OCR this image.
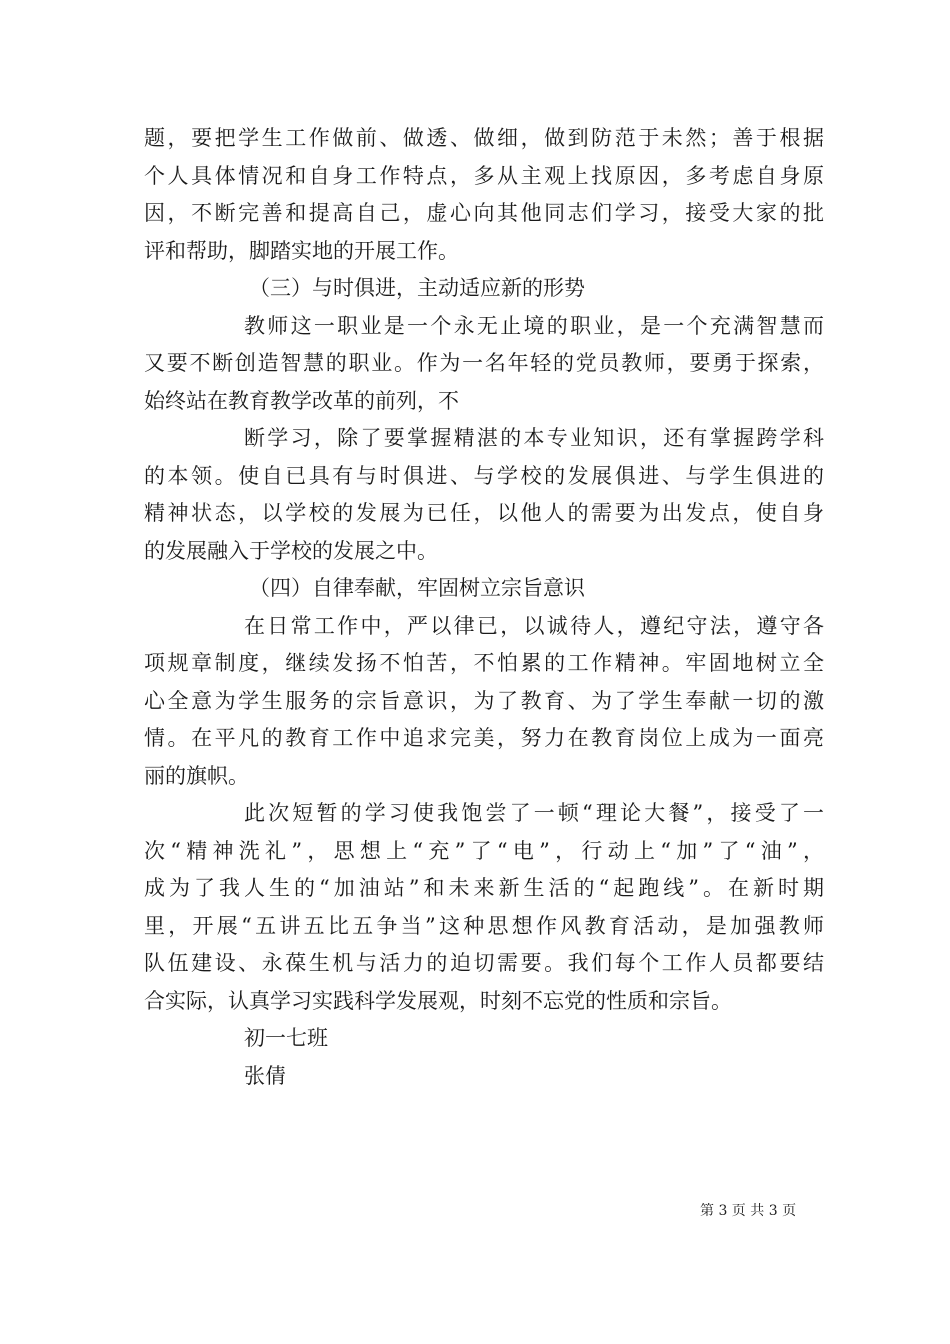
题，要把学生工作做前、做透、做细，做到防范于未然；善于根据
个人具体情况和自身工作特点，多从主观上找原因，多考虑自身原
因，不断完善和提高自己，虚心向其他同志们学习，接受大家的批
评和帮助，脚踏实地的开展工作。
（三）与时俱进，主动适应新的形势
教师这一职业是一个永无止境的职业，是一个充满智慧而
又要不断创造智慧的职业。作为一名年轻的党员教师，要勇于探索，
始终站在教育教学改革的前列，不
断学习，除了要掌握精湛的本专业知识，还有掌握跨学科
的本领。使自已具有与时俱进、与学校的发展俱进、与学生俱进的
精神状态，以学校的发展为已任，以他人的需要为出发点，使自身
的发展融入于学校的发展之中。
（四）自律奉献，牢固树立宗旨意识
在日常工作中，严以律已，以诚待人，遵纪守法，遵守各
项规章制度，继续发扬不怕苦，不怕累的工作精神。牢固地树立全
心全意为学生服务的宗旨意识，为了教育、为了学生奉献一切的激
情。在平凡的教育工作中追求完美，努力在教育岗位上成为一面亮
丽的旗帜。
此次短暂的学习使我饱尝了一顿“理论大餐”，接受了一
次“精神洗礼”，思想上“充”了“电”，行动上“加”了“油”，
成为了我人生的“加油站”和未来新生活的“起跑线”。在新时期
里，开展“五讲五比五争当”这种思想作风教育活动，是加强教师
队伍建设、永葆生机与活力的迫切需要。我们每个工作人员都要结
合实际，认真学习实践科学发展观，时刻不忘党的性质和宗旨。
初一七班
张倩
第 3 页 共 3 页
